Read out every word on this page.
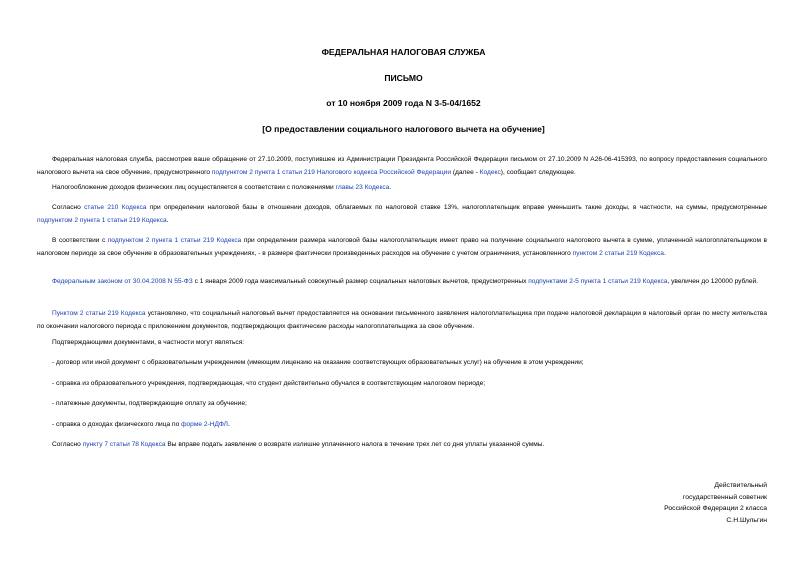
ФЕДЕРАЛЬНАЯ НАЛОГОВАЯ СЛУЖБА
ПИСЬМО
от 10 ноября 2009 года N 3-5-04/1652
[О предоставлении социального налогового вычета на обучение]
Федеральная налоговая служба, рассмотрев ваше обращение от 27.10.2009, поступившее из Администрации Президента Российской Федерации письмом от 27.10.2009 N А26-06-415393, по вопросу предоставления социального налогового вычета на свое обучение, предусмотренного подпунктом 2 пункта 1 статьи 219 Налогового кодекса Российской Федерации (далее - Кодекс), сообщает следующее.
Налогообложение доходов физических лиц осуществляется в соответствии с положениями главы 23 Кодекса.
Согласно статье 210 Кодекса при определении налоговой базы в отношении доходов, облагаемых по налоговой ставке 13%, налогоплательщик вправе уменьшить такие доходы, в частности, на суммы, предусмотренные подпунктом 2 пункта 1 статьи 219 Кодекса.
В соответствии с подпунктом 2 пункта 1 статьи 219 Кодекса при определении размера налоговой базы налогоплательщик имеет право на получение социального налогового вычета в сумме, уплаченной налогоплательщиком в налоговом периоде за свое обучение в образовательных учреждениях, - в размере фактически произведенных расходов на обучение с учетом ограничения, установленного пунктом 2 статьи 219 Кодекса.
Федеральным законом от 30.04.2008 N 55-ФЗ с 1 января 2009 года максимальный совокупный размер социальных налоговых вычетов, предусмотренных подпунктами 2-5 пункта 1 статьи 219 Кодекса, увеличен до 120000 рублей.
Пунктом 2 статьи 219 Кодекса установлено, что социальный налоговый вычет предоставляется на основании письменного заявления налогоплательщика при подаче налоговой декларации в налоговый орган по месту жительства по окончании налогового периода с приложением документов, подтверждающих фактические расходы налогоплательщика за свое обучение.
Подтверждающими документами, в частности могут являться:
- договор или иной документ с образовательным учреждением (имеющим лицензию на оказание соответствующих образовательных услуг) на обучение в этом учреждении;
- справка из образовательного учреждения, подтверждающая, что студент действительно обучался в соответствующем налоговом периоде;
- платежные документы, подтверждающие оплату за обучение;
- справка о доходах физического лица по форме 2-НДФЛ.
Согласно пункту 7 статьи 78 Кодекса Вы вправе подать заявление о возврате излишне уплаченного налога в течение трех лет со дня уплаты указанной суммы.
Действительный
государственный советник
Российской Федерации 2 класса
С.Н.Шульгин
